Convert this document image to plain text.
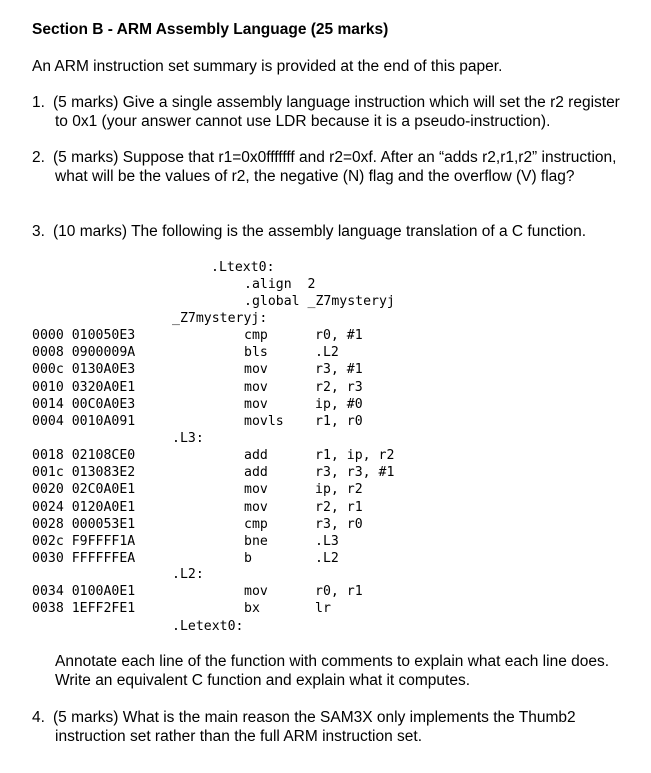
Section B - ARM Assembly Language (25 marks)
An ARM instruction set summary is provided at the end of this paper.
1. (5 marks) Give a single assembly language instruction which will set the r2 register to 0x1 (your answer cannot use LDR because it is a pseudo-instruction).
2. (5 marks) Suppose that r1=0x0fffffff and r2=0xf. After an “adds r2,r1,r2” instruction, what will be the values of r2, the negative (N) flag and the overflow (V) flag?
3. (10 marks) The following is the assembly language translation of a C function.
.Ltext0:
.align  2
.global _Z7mysteryj
_Z7mysteryj:
0000 010050E3	cmp	r0, #1
0008 0900009A	bls	.L2
000c 0130A0E3	mov	r3, #1
0010 0320A0E1	mov	r2, r3
0014 00C0A0E3	mov	ip, #0
0004 0010A091	movls r1, r0
.L3:
0018 02108CE0	add	r1, ip, r2
001c 013083E2	add	r3, r3, #1
0020 02C0A0E1	mov	ip, r2
0024 0120A0E1	mov	r2, r1
0028 000053E1	cmp	r3, r0
002c F9FFFF1A	bne	.L3
0030 FFFFFFEA	b	.L2
.L2:
0034 0100A0E1	mov	r0, r1
0038 1EFF2FE1	bx	lr
.Letext0:
Annotate each line of the function with comments to explain what each line does. Write an equivalent C function and explain what it computes.
4. (5 marks) What is the main reason the SAM3X only implements the Thumb2 instruction set rather than the full ARM instruction set.
